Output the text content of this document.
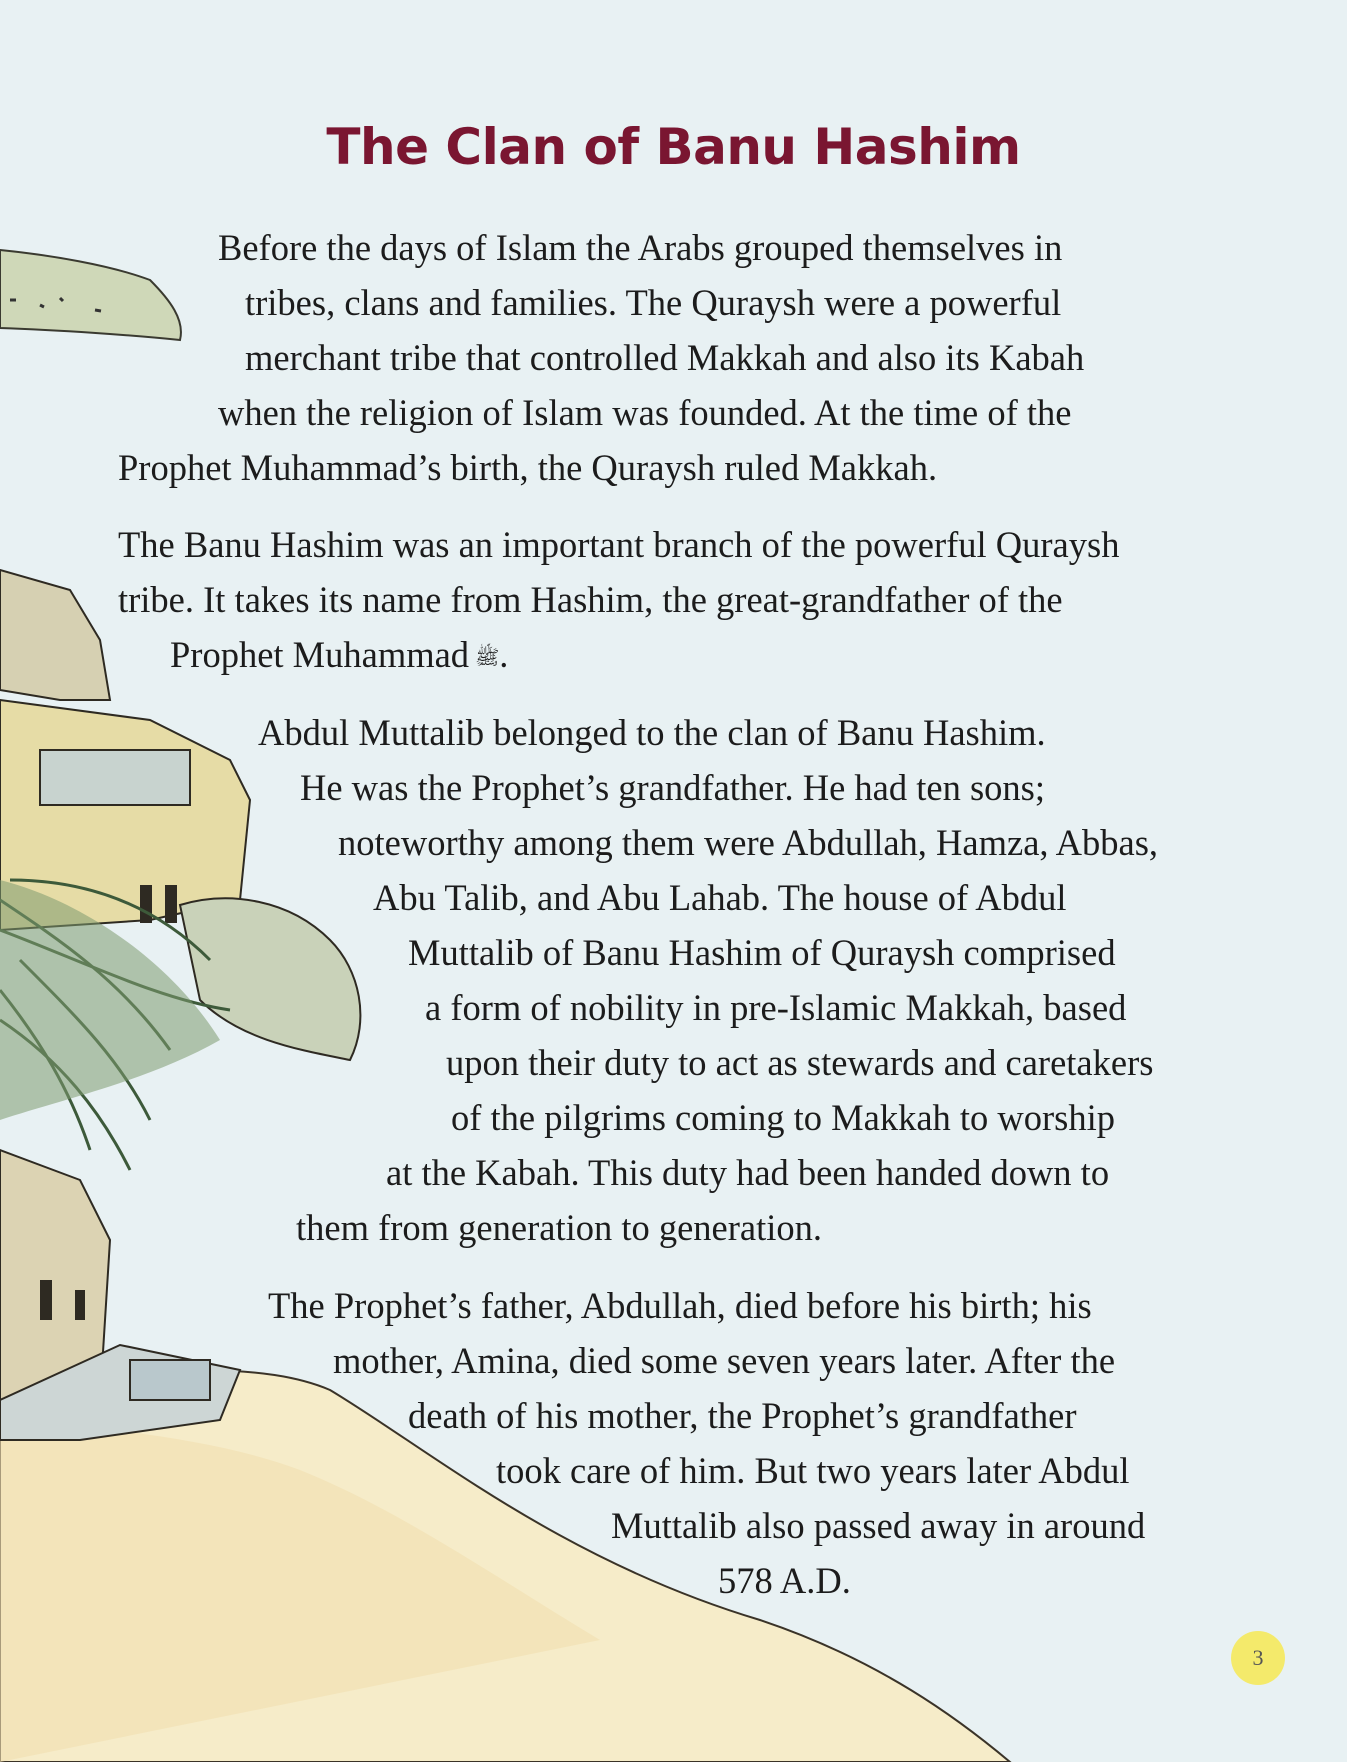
The Clan of Banu Hashim
Before the days of Islam the Arabs grouped themselves in
tribes, clans and families. The Quraysh were a powerful
merchant tribe that controlled Makkah and also its Kabah
when the religion of Islam was founded. At the time of the
Prophet Muhammad’s birth, the Quraysh ruled Makkah.
The Banu Hashim was an important branch of the powerful Quraysh
tribe. It takes its name from Hashim, the great-grandfather of the
Prophet Muhammad ﷺ.
Abdul Muttalib belonged to the clan of Banu Hashim.
He was the Prophet’s grandfather. He had ten sons;
noteworthy among them were Abdullah, Hamza, Abbas,
Abu Talib, and Abu Lahab. The house of Abdul
Muttalib of Banu Hashim of Quraysh comprised
a form of nobility in pre-Islamic Makkah, based
upon their duty to act as stewards and caretakers
of the pilgrims coming to Makkah to worship
at the Kabah. This duty had been handed down to
them from generation to generation.
The Prophet’s father, Abdullah, died before his birth; his
mother, Amina, died some seven years later. After the
death of his mother, the Prophet’s grandfather
took care of him. But two years later Abdul
Muttalib also passed away in around
578 A.D.
3
